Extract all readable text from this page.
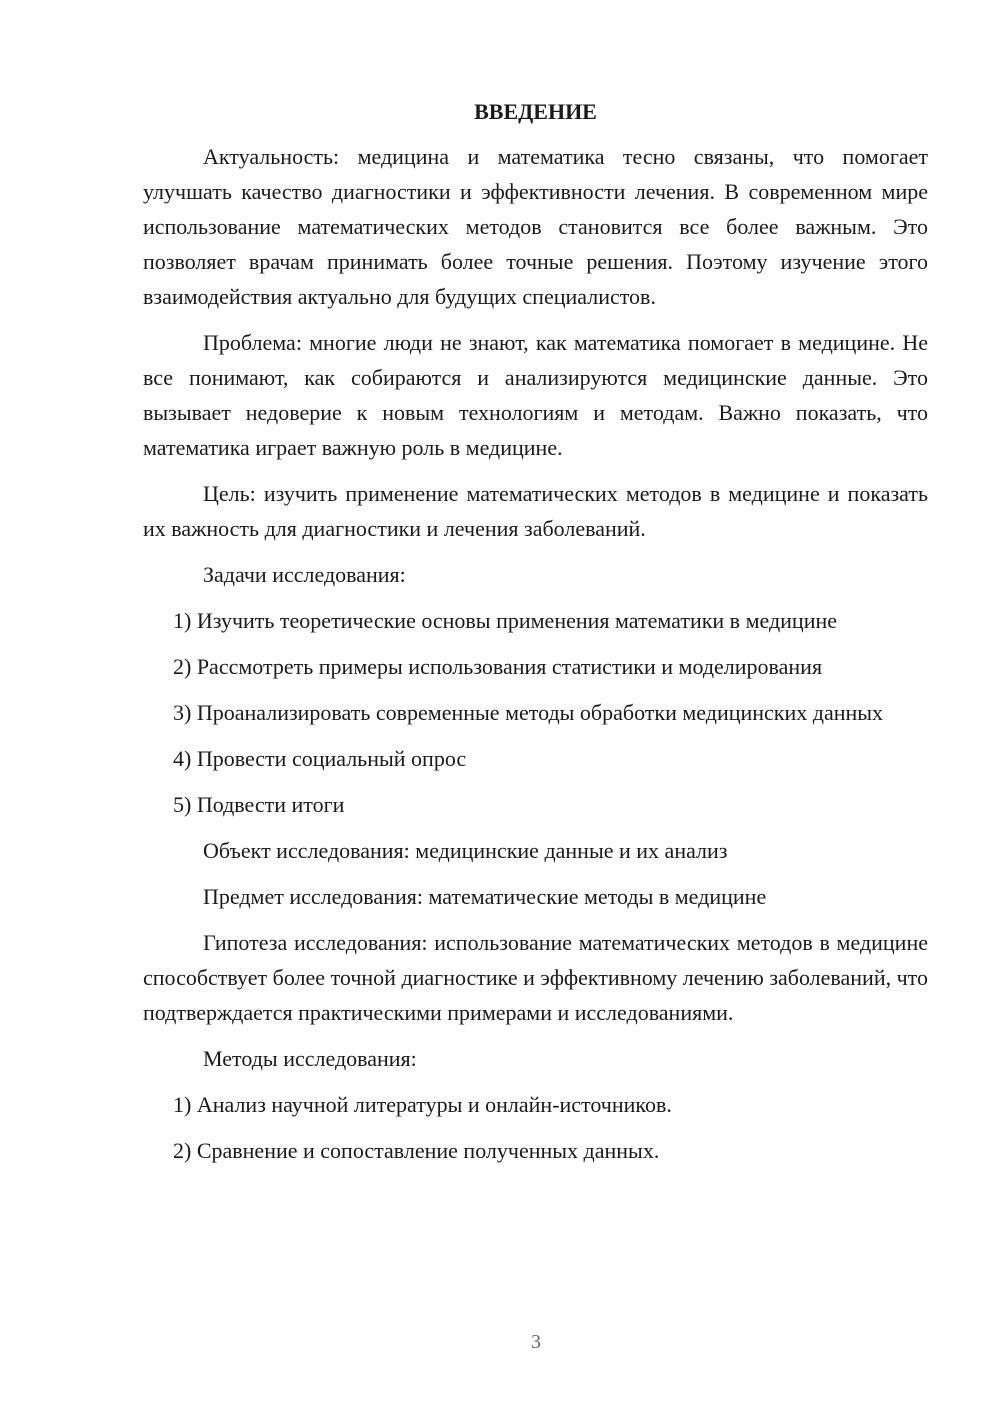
ВВЕДЕНИЕ

Актуальность: медицина и математика тесно связаны, что помогает улучшать качество диагностики и эффективности лечения. В современном мире использование математических методов становится все более важным. Это позволяет врачам принимать более точные решения. Поэтому изучение этого взаимодействия актуально для будущих специалистов.

Проблема: многие люди не знают, как математика помогает в медицине. Не все понимают, как собираются и анализируются медицинские данные. Это вызывает недоверие к новым технологиям и методам. Важно показать, что математика играет важную роль в медицине.

Цель: изучить применение математических методов в медицине и показать их важность для диагностики и лечения заболеваний.

Задачи исследования:

1) Изучить теоретические основы применения математики в медицине

2) Рассмотреть примеры использования статистики и моделирования

3) Проанализировать современные методы обработки медицинских данных

4) Провести социальный опрос

5) Подвести итоги

Объект исследования: медицинские данные и их анализ

Предмет исследования: математические методы в медицине

Гипотеза исследования: использование математических методов в медицине способствует более точной диагностике и эффективному лечению заболеваний, что подтверждается практическими примерами и исследованиями.

Методы исследования:

1) Анализ научной литературы и онлайн-источников.

2) Сравнение и сопоставление полученных данных.

3
